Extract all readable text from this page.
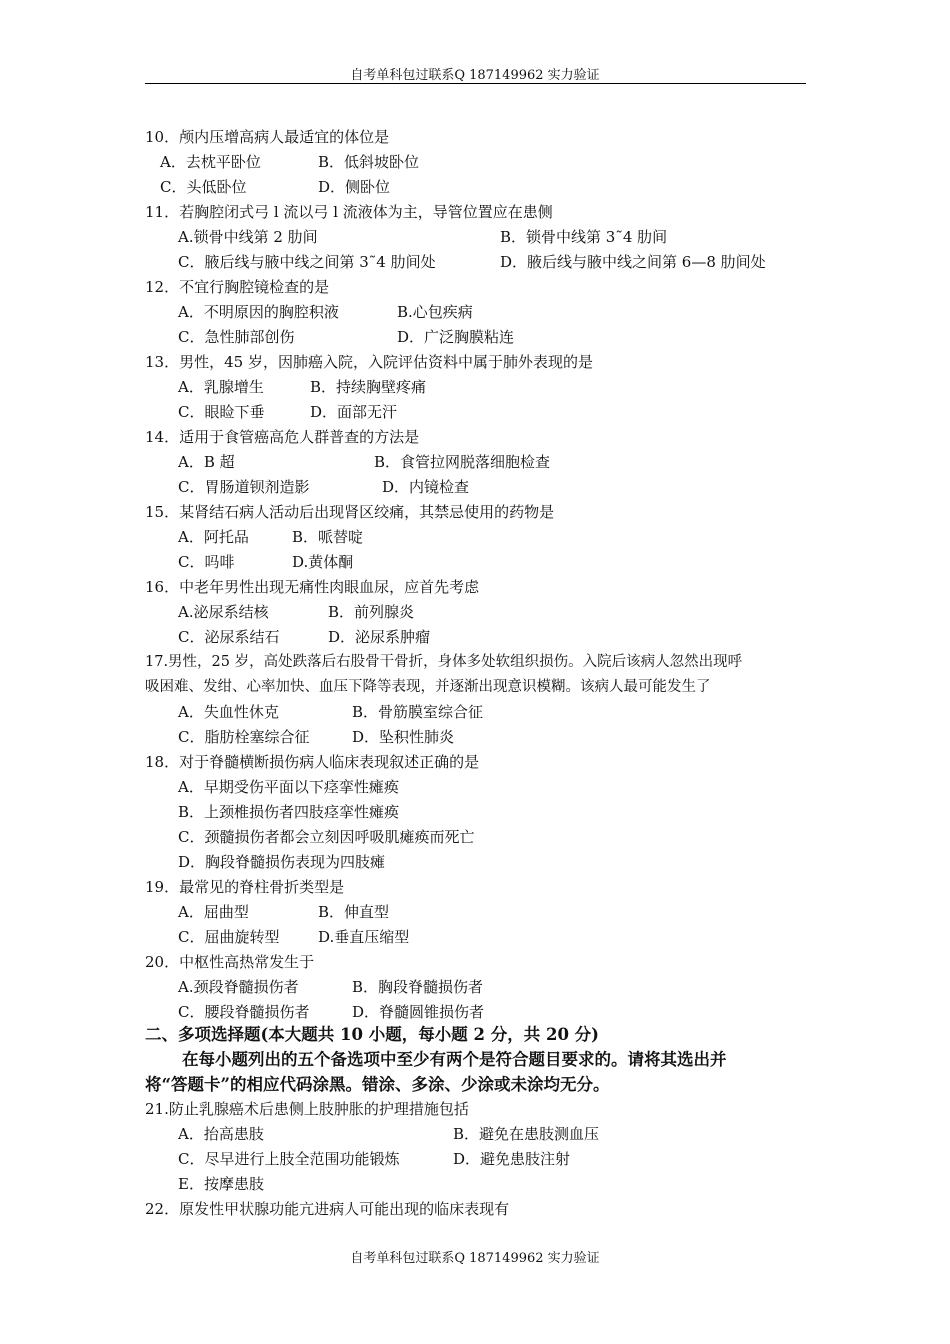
自考单科包过联系Q 187149962 实力验证
10．颅内压增高病人最适宜的体位是
A．去枕平卧位	B．低斜坡卧位
C．头低卧位	D．侧卧位
11．若胸腔闭式弓 l 流以弓 l 流液体为主，导管位置应在患侧
A.锁骨中线第 2 肋间	B．锁骨中线第 3˜4 肋间
C．腋后线与腋中线之间第 3˜4 肋间处	D．腋后线与腋中线之间第 6—8 肋间处
12．不宜行胸腔镜检查的是
A．不明原因的胸腔积液	B.心包疾病
C．急性肺部创伤	D．广泛胸膜粘连
13．男性，45 岁，因肺癌入院，入院评估资料中属于肺外表现的是
A．乳腺增生	B．持续胸壁疼痛
C．眼睑下垂	D．面部无汗
14．适用于食管癌高危人群普查的方法是
A．B 超	B．食管拉网脱落细胞检查
C．胃肠道钡剂造影	D．内镜检查
15．某肾结石病人活动后出现肾区绞痛，其禁忌使用的药物是
A．阿托品	B．哌替啶
C．吗啡	D.黄体酮
16．中老年男性出现无痛性肉眼血尿，应首先考虑
A.泌尿系结核	B．前列腺炎
C．泌尿系结石	D．泌尿系肿瘤
17.男性，25 岁，高处跌落后右股骨干骨折，身体多处软组织损伤。入院后该病人忽然出现呼
吸困难、发绀、心率加快、血压下降等表现，并逐渐出现意识模糊。该病人最可能发生了
A．失血性休克	B．骨筋膜室综合征
C．脂肪栓塞综合征	D．坠积性肺炎
18．对于脊髓横断损伤病人临床表现叙述正确的是
A．早期受伤平面以下痉挛性瘫痪
B．上颈椎损伤者四肢痉挛性瘫痪
C．颈髓损伤者都会立刻因呼吸肌瘫痪而死亡
D．胸段脊髓损伤表现为四肢瘫
19．最常见的脊柱骨折类型是
A．屈曲型	B．伸直型
C．屈曲旋转型	D.垂直压缩型
20．中枢性高热常发生于
A.颈段脊髓损伤者	B．胸段脊髓损伤者
C．腰段脊髓损伤者	D．脊髓圆锥损伤者
二、多项选择题(本大题共 10 小题，每小题 2 分，共 20 分)
在每小题列出的五个备选项中至少有两个是符合题目要求的。请将其选出并
将“答题卡”的相应代码涂黑。错涂、多涂、少涂或未涂均无分。
21.防止乳腺癌术后患侧上肢肿胀的护理措施包括
A．抬高患肢	B．避免在患肢测血压
C．尽早进行上肢全范围功能锻炼	D．避免患肢注射
E．按摩患肢
22．原发性甲状腺功能亢进病人可能出现的临床表现有
自考单科包过联系Q 187149962 实力验证
